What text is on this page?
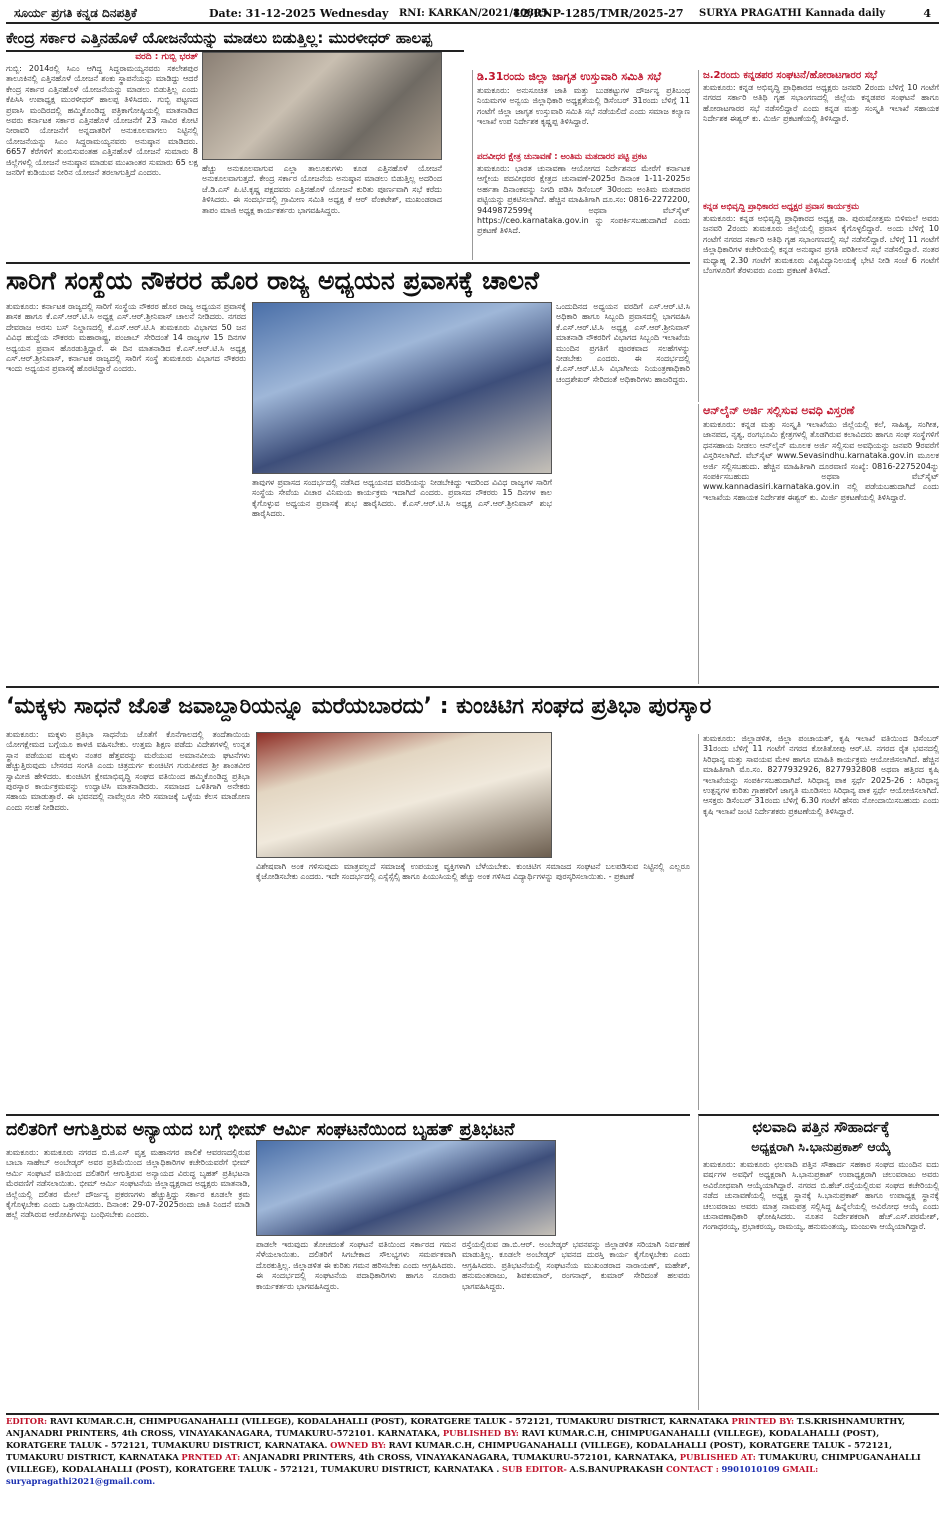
ಸೂರ್ಯ ಪ್ರಗತಿ ಕನ್ನಡ ದಿನಪತ್ರಿಕೆ	Date: 31-12-2025 Wednesday	RNI: KARKAN/2021/80805
L2/RNP-1285/TMR/2025-27	SURYA PRAGATHI Kannada daily	4
ಕೇಂದ್ರ ಸರ್ಕಾರ ಎತ್ತಿನಹೊಳೆ ಯೋಜನೆಯನ್ನು ಮಾಡಲು ಬಿಡುತ್ತಿಲ್ಲ: ಮುರಳೀಧರ್ ಹಾಲಪ್ಪ
ವರದಿ : ಗುಬ್ಬಿ ಭರತ್
ಗುಬ್ಬಿ: 2014ರಲ್ಲಿ ಸಿಎಂ ಆಗಿದ್ದ ಸಿದ್ದರಾಮಯ್ಯನವರು ಸಕಲೇಶಪುರ ತಾಲೂಕಿನಲ್ಲಿ ಎತ್ತಿನಹೊಳೆ ಯೋಜನೆ ಶಂಕು ಸ್ಥಾಪನೆಯನ್ನು ಮಾಡಿದ್ದು ಆದರೆ ಕೇಂದ್ರ ಸರ್ಕಾರ ಎತ್ತಿನಹೊಳೆ ಯೋಜನೆಯನ್ನು ಮಾಡಲು ಬಿಡುತ್ತಿಲ್ಲ ಎಂದು ಕೆಪಿಸಿಸಿ ಉಪಾಧ್ಯಕ್ಷ ಮುರಳೀಧರ್ ಹಾಲಪ್ಪ ತಿಳಿಸಿದರು. ಗುಬ್ಬಿ ಪಟ್ಟಣದ ಪ್ರವಾಸಿ ಮಂದಿರದಲ್ಲಿ ಹಮ್ಮಿಕೊಂಡಿದ್ದ ಪತ್ರಿಕಾಗೋಷ್ಠಿಯಲ್ಲಿ ಮಾತನಾಡಿದ ಅವರು ಕರ್ನಾಟಕ ಸರ್ಕಾರ ಎತ್ತಿನಹೊಳೆ ಯೋಜನೆಗೆ 23 ಸಾವಿರ ಕೋಟಿ ನೀರಾವರಿ ಯೋಜನೆಗೆ ಅನ್ನದಾತರಿಗೆ ಅನುಕೂಲವಾಗಲು ನಿಟ್ಟಿನಲ್ಲಿ ಯೋಜನೆಯನ್ನು ಸಿಎಂ ಸಿದ್ದರಾಮಯ್ಯನವರು ಅನುಷ್ಠಾನ ಮಾಡಿದರು. 6657 ಕೆರೆಗಳಿಗೆ ತುಂಬಿಸುವಂತಹ ಎತ್ತಿನಹೊಳೆ ಯೋಜನೆ ಸುಮಾರು 8 ಜಿಲ್ಲೆಗಳಲ್ಲಿ ಯೋಜನೆ ಅನುಷ್ಠಾನ ಮಾಡುವ ಮುಖಾಂತರ ಸುಮಾರು 65 ಲಕ್ಷ ಜನರಿಗೆ ಕುಡಿಯುವ ನೀರಿನ ಯೋಜನೆ ತರಲಾಗುತ್ತಿದೆ ಎಂದರು.	ಹೆಚ್ಚು ಅನುಕೂಲವಾಗುವ ಎಲ್ಲಾ ತಾಲೂಕುಗಳು ಕೂಡ ಎತ್ತಿನಹೊಳೆ ಯೋಜನೆ ಅನುಕೂಲವಾಗುತ್ತದೆ. ಕೇಂದ್ರ ಸರ್ಕಾರ ಯೋಜನೆಯ ಅನುಷ್ಠಾನ ಮಾಡಲು ಬಿಡುತ್ತಿಲ್ಲ ಅದರಿಂದ ಜೆ.ಡಿ.ಎಸ್ ಪಿ.ಟಿ.ಕೃಷ್ಣ ಪಕ್ಷದವರು ಎತ್ತಿನಹೊಳೆ ಯೋಜನೆ ಕುರಿತು ಪೂರ್ಣವಾಗಿ ಸಭೆ ಕರೆದು ತಿಳಿಸಿದರು. ಈ ಸಂದರ್ಭದಲ್ಲಿ ಗ್ರಾಮೀಣ ಸಮಿತಿ ಅಧ್ಯಕ್ಷ ಕೆ ಆರ್ ವೆಂಕಟೇಶ್, ಮುಖಂಡರಾದ ತಾಪಂ ಮಾಜಿ ಅಧ್ಯಕ್ಷ ಕಾರ್ಯಕರ್ತರು ಭಾಗವಹಿಸಿದ್ದರು.
ಡಿ.31ರಂದು ಜಿಲ್ಲಾ ಜಾಗೃತ ಉಸ್ತುವಾರಿ ಸಮಿತಿ ಸಭೆ
ತುಮಕೂರು: ಅನುಸೂಚಿತ ಜಾತಿ ಮತ್ತು ಬುಡಕಟ್ಟುಗಳ ದೌರ್ಜನ್ಯ ಪ್ರತಿಬಂಧ ನಿಯಮಗಳ ಅನ್ವಯ ಜಿಲ್ಲಾಧಿಕಾರಿ ಅಧ್ಯಕ್ಷತೆಯಲ್ಲಿ ಡಿಸೆಂಬರ್ 31ರಂದು ಬೆಳಿಗ್ಗೆ 11 ಗಂಟೆಗೆ ಜಿಲ್ಲಾ ಜಾಗೃತ ಉಸ್ತುವಾರಿ ಸಮಿತಿ ಸಭೆ ನಡೆಯಲಿದೆ ಎಂದು ಸಮಾಜ ಕಲ್ಯಾಣ ಇಲಾಖೆ ಉಪ ನಿರ್ದೇಶಕ ಕೃಷ್ಣಪ್ಪ ತಿಳಿಸಿದ್ದಾರೆ.
ಪದವೀಧರ ಕ್ಷೇತ್ರ ಚುನಾವಣೆ : ಅಂತಿಮ ಮತದಾರರ ಪಟ್ಟಿ ಪ್ರಕಟ
ತುಮಕೂರು: ಭಾರತ ಚುನಾವಣಾ ಆಯೋಗದ ನಿರ್ದೇಶನದ ಮೇರೆಗೆ ಕರ್ನಾಟಕ ಆಗ್ನೇಯ ಪದವೀಧರರ ಕ್ಷೇತ್ರದ ಚುನಾವಣೆ-2025ರ ದಿನಾಂಕ 1-11-2025ರ ಅರ್ಹತಾ ದಿನಾಂಕವನ್ನು ನಿಗದಿ ಪಡಿಸಿ ಡಿಸೆಂಬರ್ 30ರಂದು ಅಂತಿಮ ಮತದಾರರ ಪಟ್ಟಿಯನ್ನು ಪ್ರಕಟಿಸಲಾಗಿದೆ. ಹೆಚ್ಚಿನ ಮಾಹಿತಿಗಾಗಿ ದೂ.ಸಂ: 0816-2272200, 9449872599ಕ್ಕೆ ಅಥವಾ ವೆಬ್‌ಸೈಟ್ https://ceo.karnataka.gov.in ನ್ನು ಸಂಪರ್ಕಿಸಬಹುದಾಗಿದೆ ಎಂದು ಪ್ರಕಟಣೆ ತಿಳಿಸಿದೆ.
ಜ.2ರಂದು ಕನ್ನಡಪರ ಸಂಘಟನೆ/ಹೋರಾಟಗಾರರ ಸಭೆ
ತುಮಕೂರು: ಕನ್ನಡ ಅಭಿವೃದ್ಧಿ ಪ್ರಾಧಿಕಾರದ ಅಧ್ಯಕ್ಷರು ಜನವರಿ 2ರಂದು ಬೆಳಿಗ್ಗೆ 10 ಗಂಟೆಗೆ ನಗರದ ಸರ್ಕಾರಿ ಅತಿಥಿ ಗೃಹ ಸಭಾಂಗಣದಲ್ಲಿ ಜಿಲ್ಲೆಯ ಕನ್ನಡಪರ ಸಂಘಟನೆ ಹಾಗೂ ಹೋರಾಟಗಾರರ ಸಭೆ ನಡೆಸಲಿದ್ದಾರೆ ಎಂದು ಕನ್ನಡ ಮತ್ತು ಸಂಸ್ಕೃತಿ ಇಲಾಖೆ ಸಹಾಯಕ ನಿರ್ದೇಶಕ ಈಶ್ವರ್ ಕು. ಮಿರ್ಜಿ ಪ್ರಕಟಣೆಯಲ್ಲಿ ತಿಳಿಸಿದ್ದಾರೆ.
ಕನ್ನಡ ಅಭಿವೃದ್ಧಿ ಪ್ರಾಧಿಕಾರದ ಅಧ್ಯಕ್ಷರ ಪ್ರವಾಸ ಕಾರ್ಯಕ್ರಮ
ತುಮಕೂರು: ಕನ್ನಡ ಅಭಿವೃದ್ಧಿ ಪ್ರಾಧಿಕಾರದ ಅಧ್ಯಕ್ಷ ಡಾ. ಪುರುಷೋತ್ತಮ ಬಿಳಿಮಲೆ ಅವರು ಜನವರಿ 2ರಂದು ತುಮಕೂರು ಜಿಲ್ಲೆಯಲ್ಲಿ ಪ್ರವಾಸ ಕೈಗೊಳ್ಳಲಿದ್ದಾರೆ. ಅಂದು ಬೆಳಿಗ್ಗೆ 10 ಗಂಟೆಗೆ ನಗರದ ಸರ್ಕಾರಿ ಅತಿಥಿ ಗೃಹ ಸಭಾಂಗಣದಲ್ಲಿ ಸಭೆ ನಡೆಸಲಿದ್ದಾರೆ. ಬೆಳಿಗ್ಗೆ 11 ಗಂಟೆಗೆ ಜಿಲ್ಲಾಧಿಕಾರಿಗಳ ಕಚೇರಿಯಲ್ಲಿ ಕನ್ನಡ ಅನುಷ್ಠಾನ ಪ್ರಗತಿ ಪರಿಶೀಲನೆ ಸಭೆ ನಡೆಸಲಿದ್ದಾರೆ. ನಂತರ ಮಧ್ಯಾಹ್ನ 2.30 ಗಂಟೆಗೆ ತುಮಕೂರು ವಿಶ್ವವಿದ್ಯಾನಿಲಯಕ್ಕೆ ಭೇಟಿ ನೀಡಿ ಸಂಜೆ 6 ಗಂಟೆಗೆ ಬೆಂಗಳೂರಿಗೆ ತೆರಳುವರು ಎಂದು ಪ್ರಕಟಣೆ ತಿಳಿಸಿದೆ.
ಆನ್‌ಲೈನ್ ಅರ್ಜಿ ಸಲ್ಲಿಸುವ ಅವಧಿ ವಿಸ್ತರಣೆ
ತುಮಕೂರು: ಕನ್ನಡ ಮತ್ತು ಸಂಸ್ಕೃತಿ ಇಲಾಖೆಯು ಜಿಲ್ಲೆಯಲ್ಲಿ ಕಲೆ, ಸಾಹಿತ್ಯ, ಸಂಗೀತ, ಜಾನಪದ, ನೃತ್ಯ, ರಂಗಭೂಮಿ ಕ್ಷೇತ್ರಗಳಲ್ಲಿ ತೊಡಗಿರುವ ಕಲಾವಿದರು ಹಾಗೂ ಸಂಘ ಸಂಸ್ಥೆಗಳಿಗೆ ಧನಸಹಾಯ ನೀಡಲು ಆನ್‌ಲೈನ್ ಮೂಲಕ ಅರ್ಜಿ ಸಲ್ಲಿಸುವ ಅವಧಿಯನ್ನು ಜನವರಿ 9ರವರೆಗೆ ವಿಸ್ತರಿಸಲಾಗಿದೆ. ವೆಬ್‌ಸೈಟ್ www.Sevasindhu.karnataka.gov.in ಮೂಲಕ ಅರ್ಜಿ ಸಲ್ಲಿಸಬಹುದು. ಹೆಚ್ಚಿನ ಮಾಹಿತಿಗಾಗಿ ದೂರವಾಣಿ ಸಂಖ್ಯೆ: 0816-2275204ನ್ನು ಸಂಪರ್ಕಿಸಬಹುದು ಅಥವಾ ವೆಬ್‌ಸೈಟ್ www.kannadasiri.karnataka.gov.in ನಲ್ಲಿ ಪಡೆಯಬಹುದಾಗಿದೆ ಎಂದು ಇಲಾಖೆಯ ಸಹಾಯಕ ನಿರ್ದೇಶಕ ಈಶ್ವರ್ ಕು. ಮಿರ್ಜಿ ಪ್ರಕಟಣೆಯಲ್ಲಿ ತಿಳಿಸಿದ್ದಾರೆ.
ಸಾರಿಗೆ ಸಂಸ್ಥೆಯ ನೌಕರರ ಹೊರ ರಾಜ್ಯ ಅಧ್ಯಯನ ಪ್ರವಾಸಕ್ಕೆ ಚಾಲನೆ
ತುಮಕೂರು: ಕರ್ನಾಟಕ ರಾಜ್ಯದಲ್ಲಿ ಸಾರಿಗೆ ಸಂಸ್ಥೆಯ ನೌಕರರ ಹೊರ ರಾಜ್ಯ ಅಧ್ಯಯನ ಪ್ರವಾಸಕ್ಕೆ ಶಾಸಕ ಹಾಗೂ ಕೆ.ಎಸ್.ಆರ್.ಟಿ.ಸಿ ಅಧ್ಯಕ್ಷ ಎಸ್.ಆರ್.ಶ್ರೀನಿವಾಸ್ ಚಾಲನೆ ನೀಡಿದರು. ನಗರದ ದೇವರಾಜ ಅರಸು ಬಸ್ ನಿಲ್ದಾಣದಲ್ಲಿ ಕೆ.ಎಸ್.ಆರ್.ಟಿ.ಸಿ ತುಮಕೂರು ವಿಭಾಗದ 50 ಜನ ವಿವಿಧ ಹುದ್ದೆಯ ನೌಕರರು ಮಹಾರಾಷ್ಟ್ರ, ಪಂಜಾಬ್ ಸೇರಿದಂತೆ 14 ರಾಜ್ಯಗಳ 15 ದಿನಗಳ ಅಧ್ಯಯನ ಪ್ರವಾಸ ಹೊರಡುತ್ತಿದ್ದಾರೆ. ಈ ದಿನ ಮಾತನಾಡಿದ ಕೆ.ಎಸ್.ಆರ್.ಟಿ.ಸಿ ಅಧ್ಯಕ್ಷ ಎಸ್.ಆರ್.ಶ್ರೀನಿವಾಸ್, ಕರ್ನಾಟಕ ರಾಜ್ಯದಲ್ಲಿ ಸಾರಿಗೆ ಸಂಸ್ಥೆ ತುಮಕೂರು ವಿಭಾಗದ ನೌಕರರು ಇಂದು ಅಧ್ಯಯನ ಪ್ರವಾಸಕ್ಕೆ ಹೊರಟಿದ್ದಾರೆ ಎಂದರು.
ತಾವುಗಳ ಪ್ರವಾಸದ ಸಂದರ್ಭದಲ್ಲಿ ನಡೆಸಿದ ಅಧ್ಯಯನದ ವರದಿಯನ್ನು ನೀಡಬೇಕಿದ್ದು ಇದರಿಂದ ವಿವಿಧ ರಾಜ್ಯಗಳ ಸಾರಿಗೆ ಸಂಸ್ಥೆಯ ಸೇವೆಯ ವಿಚಾರ ವಿನಿಮಯ ಕಾರ್ಯಕ್ರಮ ಇದಾಗಿದೆ ಎಂದರು. ಪ್ರವಾಸದ ನೌಕರರು 15 ದಿನಗಳ ಕಾಲ ಕೈಗೊಳ್ಳುವ ಅಧ್ಯಯನ ಪ್ರವಾಸಕ್ಕೆ ಶುಭ ಹಾರೈಸಿದರು. ಕೆ.ಎಸ್.ಆರ್.ಟಿ.ಸಿ ಅಧ್ಯಕ್ಷ ಎಸ್.ಆರ್.ಶ್ರೀನಿವಾಸ್ ಶುಭ ಹಾರೈಸಿದರು.
ಒಂದುದಿನದ ಅಧ್ಯಯನ ವರದಿಗೆ ಎಸ್.ಆರ್.ಟಿ.ಸಿ ಅಧಿಕಾರಿ ಹಾಗೂ ಸಿಬ್ಬಂದಿ ಪ್ರವಾಸದಲ್ಲಿ ಭಾಗವಹಿಸಿ ಕೆ.ಎಸ್.ಆರ್.ಟಿ.ಸಿ ಅಧ್ಯಕ್ಷ ಎಸ್.ಆರ್.ಶ್ರೀನಿವಾಸ್ ಮಾತನಾಡಿ ನೌಕರರಿಗೆ ವಿಭಾಗದ ಸಿಬ್ಬಂದಿ ಇಲಾಖೆಯ ಮುಂದಿನ ಪ್ರಗತಿಗೆ ಪೂರಕವಾದ ಸಲಹೆಗಳನ್ನು ನೀಡಬೇಕು ಎಂದರು. ಈ ಸಂದರ್ಭದಲ್ಲಿ ಕೆ.ಎಸ್.ಆರ್.ಟಿ.ಸಿ ವಿಭಾಗೀಯ ನಿಯಂತ್ರಣಾಧಿಕಾರಿ ಚಂದ್ರಶೇಖರ್ ಸೇರಿದಂತೆ ಅಧಿಕಾರಿಗಳು ಹಾಜರಿದ್ದರು.
‘ಮಕ್ಕಳು ಸಾಧನೆ ಜೊತೆ ಜವಾಬ್ದಾರಿಯನ್ನೂ ಮರೆಯಬಾರದು’ : ಕುಂಚಿಟಿಗ ಸಂಘದ ಪ್ರತಿಭಾ ಪುರಸ್ಕಾರ
ತುಮಕೂರು: ಮಕ್ಕಳು ಪ್ರತಿಭಾ ಸಾಧನೆಯ ಜೊತೆಗೆ ಕೊನೆಗಾಲದಲ್ಲಿ ತಂದೆತಾಯಿಯ ಯೋಗಕ್ಷೇಮದ ಬಗ್ಗೆಯೂ ಕಾಳಜಿ ವಹಿಸಬೇಕು. ಉತ್ತಮ ಶಿಕ್ಷಣ ಪಡೆದು ವಿದೇಶಗಳಲ್ಲಿ ಉನ್ನತ ಸ್ಥಾನ ಪಡೆಯುವ ಮಕ್ಕಳು ನಂತರ ಹೆತ್ತವರನ್ನು ಮರೆಯುವ ಅಮಾನವೀಯ ಘಟನೆಗಳು ಹೆಚ್ಚುತ್ತಿರುವುದು ಬೇಸರದ ಸಂಗತಿ ಎಂದು ಚಿತ್ರದುರ್ಗ ಕುಂಚಿಟಿಗ ಗುರುಪೀಠದ ಶ್ರೀ ಶಾಂತವೀರ ಸ್ವಾಮೀಜಿ ಹೇಳಿದರು. ಕುಂಚಿಟಿಗ ಕ್ಷೇಮಾಭಿವೃದ್ಧಿ ಸಂಘದ ವತಿಯಿಂದ ಹಮ್ಮಿಕೊಂಡಿದ್ದ ಪ್ರತಿಭಾ ಪುರಸ್ಕಾರ ಕಾರ್ಯಕ್ರಮವನ್ನು ಉದ್ಘಾಟಿಸಿ ಮಾತನಾಡಿದರು. ಸಮಾಜದ ಒಳಿತಿಗಾಗಿ ಅನೇಕರು ಸಹಾಯ ಮಾಡುತ್ತಾರೆ. ಈ ಭವನದಲ್ಲಿ ನಾವೆಲ್ಲರೂ ಸೇರಿ ಸಮಾಜಕ್ಕೆ ಒಳ್ಳೆಯ ಕೆಲಸ ಮಾಡೋಣ ಎಂದು ಸಲಹೆ ನೀಡಿದರು.
ವಿಶೇಷವಾಗಿ ಅಂಕ ಗಳಿಸುವುದು ಮಾತ್ರವಲ್ಲದೆ ಸಮಾಜಕ್ಕೆ ಉಪಯುಕ್ತ ವ್ಯಕ್ತಿಗಳಾಗಿ ಬೆಳೆಯಬೇಕು. ಕುಂಚಿಟಿಗ ಸಮಾಜದ ಸಂಘಟನೆ ಬಲಪಡಿಸುವ ನಿಟ್ಟಿನಲ್ಲಿ ಎಲ್ಲರೂ ಕೈಜೋಡಿಸಬೇಕು ಎಂದರು. ಇದೇ ಸಂದರ್ಭದಲ್ಲಿ ಎಸ್ಸೆಸ್ಸೆಲ್ಸಿ ಹಾಗೂ ಪಿಯುಸಿಯಲ್ಲಿ ಹೆಚ್ಚು ಅಂಕ ಗಳಿಸಿದ ವಿದ್ಯಾರ್ಥಿಗಳನ್ನು ಪುರಸ್ಕರಿಸಲಾಯಿತು. - ಪ್ರಕಟಣೆ
ತುಮಕೂರು: ಜಿಲ್ಲಾಡಳಿತ, ಜಿಲ್ಲಾ ಪಂಚಾಯತ್, ಕೃಷಿ ಇಲಾಖೆ ವತಿಯಿಂದ ಡಿಸೆಂಬರ್ 31ರಂದು ಬೆಳಿಗ್ಗೆ 11 ಗಂಟೆಗೆ ನಗರದ ಕೋತಿತೋಪು ಆರ್.ಟಿ. ನಗರದ ರೈತ ಭವನದಲ್ಲಿ ಸಿರಿಧಾನ್ಯ ಮತ್ತು ಸಾವಯವ ಮೇಳ ಹಾಗೂ ಮಾಹಿತಿ ಕಾರ್ಯಕ್ರಮ ಆಯೋಜಿಸಲಾಗಿದೆ. ಹೆಚ್ಚಿನ ಮಾಹಿತಿಗಾಗಿ ಮೊ.ಸಂ. 8277932926, 8277932808 ಅಥವಾ ಹತ್ತಿರದ ಕೃಷಿ ಇಲಾಖೆಯನ್ನು ಸಂಪರ್ಕಿಸಬಹುದಾಗಿದೆ. ಸಿರಿಧಾನ್ಯ ಪಾಕ ಸ್ಪರ್ಧೆ 2025-26 : ಸಿರಿಧಾನ್ಯ ಉತ್ಪನ್ನಗಳ ಕುರಿತು ಗ್ರಾಹಕರಿಗೆ ಜಾಗೃತಿ ಮೂಡಿಸಲು ಸಿರಿಧಾನ್ಯ ಪಾಕ ಸ್ಪರ್ಧೆ ಆಯೋಜಿಸಲಾಗಿದೆ. ಆಸಕ್ತರು ಡಿಸೆಂಬರ್ 31ರಂದು ಬೆಳಿಗ್ಗೆ 6.30 ಗಂಟೆಗೆ ಹೆಸರು ನೋಂದಾಯಿಸಬಹುದು ಎಂದು ಕೃಷಿ ಇಲಾಖೆ ಜಂಟಿ ನಿರ್ದೇಶಕರು ಪ್ರಕಟಣೆಯಲ್ಲಿ ತಿಳಿಸಿದ್ದಾರೆ.
ದಲಿತರಿಗೆ ಆಗುತ್ತಿರುವ ಅನ್ಯಾಯದ ಬಗ್ಗೆ ಭೀಮ್ ಆರ್ಮಿ ಸಂಘಟನೆಯಿಂದ ಬೃಹತ್ ಪ್ರತಿಭಟನೆ
ತುಮಕೂರು: ತುಮಕೂರು ನಗರದ ಬಿ.ಜಿ.ಎಸ್ ವೃತ್ತ ಮಹಾನಗರ ಪಾಲಿಕೆ ಆವರಣದಲ್ಲಿರುವ ಬಾಬಾ ಸಾಹೇಬ್ ಅಂಬೇಡ್ಕರ್ ಅವರ ಪ್ರತಿಮೆಯಿಂದ ಜಿಲ್ಲಾಧಿಕಾರಿಗಳ ಕಚೇರಿಯವರೆಗೆ ಭೀಮ್ ಆರ್ಮಿ ಸಂಘಟನೆ ವತಿಯಿಂದ ದಲಿತರಿಗೆ ಆಗುತ್ತಿರುವ ಅನ್ಯಾಯದ ವಿರುದ್ಧ ಬೃಹತ್ ಪ್ರತಿಭಟನಾ ಮೆರವಣಿಗೆ ನಡೆಸಲಾಯಿತು. ಭೀಮ್ ಆರ್ಮಿ ಸಂಘಟನೆಯ ಜಿಲ್ಲಾಧ್ಯಕ್ಷರಾದ ಅಧ್ಯಕ್ಷರು ಮಾತನಾಡಿ, ಜಿಲ್ಲೆಯಲ್ಲಿ ದಲಿತರ ಮೇಲೆ ದೌರ್ಜನ್ಯ ಪ್ರಕರಣಗಳು ಹೆಚ್ಚುತ್ತಿದ್ದು ಸರ್ಕಾರ ಕೂಡಲೇ ಕ್ರಮ ಕೈಗೊಳ್ಳಬೇಕು ಎಂದು ಒತ್ತಾಯಿಸಿದರು. ದಿನಾಂಕ: 29-07-2025ರಂದು ಜಾತಿ ನಿಂದನೆ ಮಾಡಿ ಹಲ್ಲೆ ನಡೆಸಿರುವ ಆರೋಪಿಗಳನ್ನು ಬಂಧಿಸಬೇಕು ಎಂದರು.
ಪಾಡಲೇ ಇರುವುದು ತೋಚದಂತೆ ಸಂಘಟನೆ ವತಿಯಿಂದ ಸರ್ಕಾರದ ಗಮನ ಸೆಳೆಯಲಾಯಿತು. ದಲಿತರಿಗೆ ಸಿಗಬೇಕಾದ ಸೌಲಭ್ಯಗಳು ಸಮರ್ಪಕವಾಗಿ ದೊರಕುತ್ತಿಲ್ಲ. ಜಿಲ್ಲಾಡಳಿತ ಈ ಕುರಿತು ಗಮನ ಹರಿಸಬೇಕು ಎಂದು ಆಗ್ರಹಿಸಿದರು. ಈ ಸಂದರ್ಭದಲ್ಲಿ ಸಂಘಟನೆಯ ಪದಾಧಿಕಾರಿಗಳು ಹಾಗೂ ನೂರಾರು ಕಾರ್ಯಕರ್ತರು ಭಾಗವಹಿಸಿದ್ದರು.
ರಸ್ತೆಯಲ್ಲಿರುವ ಡಾ.ಬಿ.ಆರ್. ಅಂಬೇಡ್ಕರ್ ಭವನವನ್ನು ಜಿಲ್ಲಾಡಳಿತ ಸರಿಯಾಗಿ ನಿರ್ವಹಣೆ ಮಾಡುತ್ತಿಲ್ಲ. ಕೂಡಲೇ ಅಂಬೇಡ್ಕರ್ ಭವನದ ದುರಸ್ತಿ ಕಾರ್ಯ ಕೈಗೊಳ್ಳಬೇಕು ಎಂದು ಆಗ್ರಹಿಸಿದರು. ಪ್ರತಿಭಟನೆಯಲ್ಲಿ ಸಂಘಟನೆಯ ಮುಖಂಡರಾದ ನಾರಾಯಣ್, ಮಹೇಶ್, ಹನುಮಂತರಾಜು, ಶಿವಕುಮಾರ್, ರಂಗನಾಥ್, ಕುಮಾರ್ ಸೇರಿದಂತೆ ಹಲವರು ಭಾಗವಹಿಸಿದ್ದರು.
ಛಲವಾದಿ ಪತ್ತಿನ ಸೌಹಾರ್ದಕ್ಕೆ
ಅಧ್ಯಕ್ಷರಾಗಿ ಸಿ.ಭಾನುಪ್ರಕಾಶ್ ಆಯ್ಕೆ
ತುಮಕೂರು: ತುಮಕೂರು ಛಲವಾದಿ ಪತ್ತಿನ ಸೌಹಾರ್ದ ಸಹಕಾರ ಸಂಘದ ಮುಂದಿನ ಐದು ವರ್ಷಗಳ ಅವಧಿಗೆ ಅಧ್ಯಕ್ಷರಾಗಿ ಸಿ.ಭಾನುಪ್ರಕಾಶ್ ಉಪಾಧ್ಯಕ್ಷರಾಗಿ ಚಲುವರಾಜು ಅವರು ಅವಿರೋಧವಾಗಿ ಆಯ್ಕೆಯಾಗಿದ್ದಾರೆ. ನಗರದ ಬಿ.ಹೆಚ್.ರಸ್ತೆಯಲ್ಲಿರುವ ಸಂಘದ ಕಚೇರಿಯಲ್ಲಿ ನಡೆದ ಚುನಾವಣೆಯಲ್ಲಿ ಅಧ್ಯಕ್ಷ ಸ್ಥಾನಕ್ಕೆ ಸಿ.ಭಾನುಪ್ರಕಾಶ್ ಹಾಗೂ ಉಪಾಧ್ಯಕ್ಷ ಸ್ಥಾನಕ್ಕೆ ಚಲುವರಾಜು ಅವರು ಮಾತ್ರ ನಾಮಪತ್ರ ಸಲ್ಲಿಸಿದ್ದ ಹಿನ್ನೆಲೆಯಲ್ಲಿ ಅವಿರೋಧ ಆಯ್ಕೆ ಎಂದು ಚುನಾವಣಾಧಿಕಾರಿ ಘೋಷಿಸಿದರು. ನೂತನ ನಿರ್ದೇಶಕರಾಗಿ ಹೆಚ್.ಎಸ್.ಪರಮೇಶ್, ಗಂಗಾಧರಯ್ಯ, ಪ್ರಭಾಕರಯ್ಯ, ರಾಮಯ್ಯ, ಹನುಮಂತಯ್ಯ, ಮಂಜುಳಾ ಆಯ್ಕೆಯಾಗಿದ್ದಾರೆ.
EDITOR: RAVI KUMAR.C.H, CHIMPUGANAHALLI (VILLEGE), KODALAHALLI (POST), KORATGERE TALUK - 572121, TUMAKURU DISTRICT, KARNATAKA PRINTED BY: T.S.KRISHNAMURTHY, ANJANADRI PRINTERS, 4th CROSS, VINAYAKANAGARA, TUMAKURU-572101. KARNATAKA, PUBLISHED BY: RAVI KUMAR.C.H, CHIMPUGANAHALLI (VILLEGE), KODALAHALLI (POST), KORATGERE TALUK - 572121, TUMAKURU DISTRICT, KARNATAKA. OWNED BY: RAVI KUMAR.C.H, CHIMPUGANAHALLI (VILLEGE), KODALAHALLI (POST), KORATGERE TALUK - 572121, TUMAKURU DISTRICT, KARNATAKA PRNTED AT: ANJANADRI PRINTERS, 4th CROSS, VINAYAKANAGARA, TUMAKURU-572101, KARNATAKA, PUBLISHED AT: TUMAKURU, CHIMPUGANAHALLI (VILLEGE), KODALAHALLI (POST), KORATGERE TALUK - 572121, TUMAKURU DISTRICT, KARNATAKA . SUB EDITOR- A.S.BANUPRAKASH CONTACT : 9901010109 GMAIL: suryapragathi2021@gmail.com.
